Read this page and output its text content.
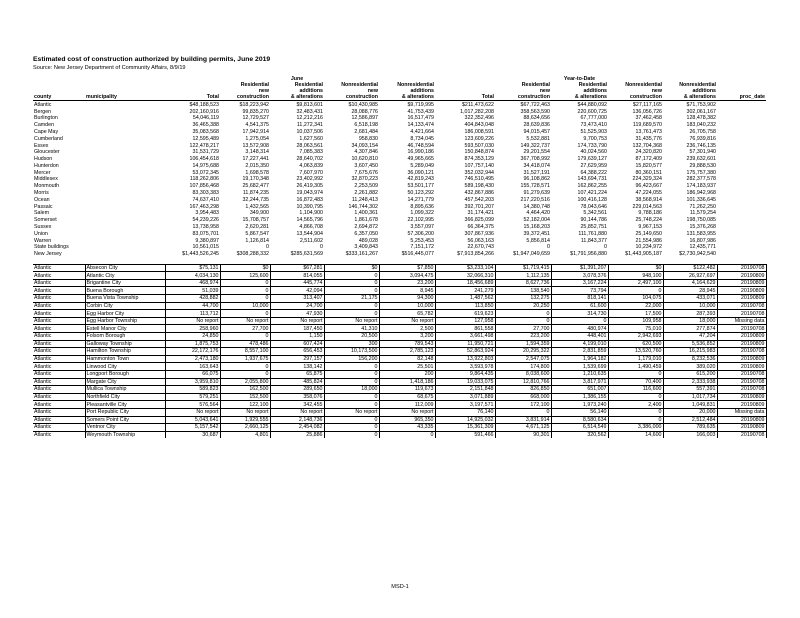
Estimated cost of construction authorized by building permits, June 2019
Source: New Jersey Department of Community Affairs, 8/9/19
				June					Year-to-Date			
			Residential	Residential	Nonresidential	Nonresidential		Residential	Residential	Nonresidential	Nonresidential	
			new	additions	new	additions		new	additions	new	additions	
county	municipality	Total	construction	& alterations	construction	& alterations	Total	construction	& alterations	construction	& alterations	proc_date
Atlantic		$48,188,523	$18,223,942	$9,813,601	$10,430,985	$9,719,995	$211,473,622	$67,722,463	$44,880,092	$27,117,165	$71,753,902	
Bergen		202,160,916	99,835,270	32,483,431	28,088,776	41,753,439	1,017,282,208	358,563,590	220,600,725	136,056,726	302,061,167	
Burlington		54,046,119	12,729,527	12,212,216	12,586,897	16,517,479	322,352,496	88,634,656	67,777,000	37,462,458	128,478,382	
Camden		36,465,388	4,541,375	11,272,341	6,518,198	14,133,474	404,843,048	28,639,836	73,473,410	119,689,570	183,040,232	
Cape May		35,083,568	17,942,914	10,037,506	2,681,484	4,421,664	186,008,591	94,015,457	51,525,903	13,761,473	26,705,758	
Cumberland		12,595,489	1,275,054	1,627,560	958,830	8,734,045	123,609,226	5,532,881	9,700,753	31,435,776	76,939,816	
Essex		122,478,217	13,572,908	28,063,561	34,093,154	46,748,594	593,507,030	149,322,737	174,733,790	132,704,368	236,746,135	
Gloucester		31,531,729	3,148,314	7,085,383	4,307,846	16,990,186	150,848,874	29,201,554	40,024,560	24,320,820	57,301,940	
Hudson		106,454,618	17,227,441	28,640,702	10,620,810	49,965,665	874,353,129	367,708,992	179,639,127	87,172,409	239,632,601	
Hunterdon		14,975,688	2,015,350	4,063,839	3,607,450	5,289,049	107,757,140	34,418,074	27,629,959	15,820,577	29,888,530	
Mercer		53,072,345	1,698,578	7,607,970	7,675,676	36,090,121	352,032,944	31,527,191	64,388,222	80,360,151	175,757,380	
Middlesex		118,262,806	19,170,348	23,402,992	32,870,223	42,819,243	746,510,495	96,108,862	143,694,731	224,329,324	282,377,578	
Monmouth		107,856,468	25,682,477	26,419,305	2,253,509	53,501,177	589,198,430	155,728,571	162,862,255	96,423,667	174,183,937	
Morris		83,303,383	11,874,235	19,043,974	2,261,882	50,123,292	432,867,886	91,279,639	107,421,224	47,224,055	186,942,968	
Ocean		74,637,410	32,244,735	16,872,483	11,248,413	14,271,779	457,542,203	217,220,516	100,416,128	38,568,914	101,336,645	
Passaic		167,463,298	1,432,565	10,390,795	146,744,302	8,895,636	392,701,207	14,380,748	78,043,646	229,014,563	71,262,250	
Salem		3,954,483	349,900	1,104,900	1,400,361	1,099,322	31,174,421	4,464,420	5,342,561	9,788,186	11,579,254	
Somerset		54,239,226	15,708,757	14,565,796	1,861,678	22,102,995	366,825,099	52,182,004	90,144,786	25,748,224	198,750,085	
Sussex		13,738,958	2,620,281	4,866,708	2,694,872	3,557,097	66,364,375	15,168,203	25,852,751	9,967,153	15,376,268	
Union		83,075,701	5,867,547	13,544,904	6,357,050	57,306,200	307,867,936	39,372,451	111,761,880	25,149,650	131,583,955	
Warren		9,380,897	1,126,814	2,511,602	489,028	5,253,453	56,063,163	5,856,814	11,843,377	21,554,986	16,807,986	
State buildings		10,561,015	0	0	3,409,843	7,151,172	22,670,743	0	0	10,234,972	12,435,771	
New Jersey		$1,443,526,245	$308,288,332	$285,631,569	$333,161,267	$516,445,077	$7,913,854,266	$1,947,049,659	$1,791,956,880	$1,443,905,187	$2,730,942,540	

Atlantic	Absecon City	$75,131	$0	$67,281	$0	$7,850	$3,233,104	$1,719,415	$1,391,207	$0	$122,482	20190708
Atlantic	Atlantic City	4,034,130	125,600	814,055	0	3,094,475	32,066,310	1,112,135	3,078,376	948,100	26,927,697	20190809
Atlantic	Brigantine City	468,974	0	445,774	0	23,200	18,456,689	8,627,736	3,167,224	2,497,100	4,164,629	20190809
Atlantic	Buena Borough	51,039	0	42,094	0	8,945	241,279	138,540	73,794	0	28,945	20190809
Atlantic	Buena Vista Township	428,882	0	313,407	21,175	94,300	1,487,562	132,275	818,141	104,075	433,071	20190809
Atlantic	Corbin City	44,700	10,000	24,700	0	10,000	113,850	20,250	61,600	22,000	10,000	20190708
Atlantic	Egg Harbor City	113,712	0	47,930	0	65,782	619,623	0	314,730	17,500	287,393	20190708
Atlantic	Egg Harbor Township	No report	No report	No report	No report	No report	127,958	0	0	109,958	18,000	Missing data
Atlantic	Estell Manor City	258,960	27,700	187,450	41,310	2,500	861,558	27,700	480,974	75,010	277,874	20190708
Atlantic	Folsom Borough	24,850	0	1,150	20,500	3,200	3,661,498	223,200	448,401	2,942,693	47,204	20190809
Atlantic	Galloway Township	1,875,753	478,486	607,424	300	789,543	11,950,721	1,594,359	4,199,010	620,500	5,536,852	20190809
Atlantic	Hamilton Township	22,172,176	8,557,100	656,453	10,173,500	2,785,123	52,863,924	20,295,322	2,831,859	13,520,760	16,215,983	20190708
Atlantic	Hammonton Town	2,473,180	1,937,675	297,157	156,200	82,148	13,922,803	2,547,075	1,964,182	1,179,010	8,232,536	20190809
Atlantic	Linwood City	163,643	0	138,142	0	25,501	3,593,978	174,800	1,539,699	1,490,459	389,020	20190809
Atlantic	Longport Borough	66,075	0	65,875	0	200	9,864,435	8,038,600	1,210,635	0	615,200	20190708
Atlantic	Margate City	3,959,810	2,055,800	485,824	0	1,418,186	19,033,075	12,810,766	3,817,971	70,400	2,333,938	20190708
Atlantic	Mullica Township	589,823	162,500	289,650	18,000	119,673	2,151,848	826,850	651,007	116,600	557,391	20190708
Atlantic	Northfield City	579,251	152,500	358,076	0	68,675	3,071,889	668,000	1,386,155	0	1,017,734	20190809
Atlantic	Pleasantville City	576,564	122,100	342,455	0	112,009	3,197,571	172,100	1,973,240	2,400	1,049,831	20190809
Atlantic	Port Republic City	No report	No report	No report	No report	No report	76,140	0	56,140	0	20,000	Missing data
Atlantic	Somers Point City	5,043,641	1,929,555	2,148,736	0	965,350	14,925,032	3,831,914	8,580,634	0	2,512,484	20190809
Atlantic	Ventnor City	5,157,542	2,660,125	2,454,082	0	43,335	15,361,309	4,671,125	6,514,549	3,386,000	789,635	20190809
Atlantic	Weymouth Township	30,687	4,801	25,886	0	0	591,466	90,301	320,562	14,600	166,003	20190708
MSD-1
